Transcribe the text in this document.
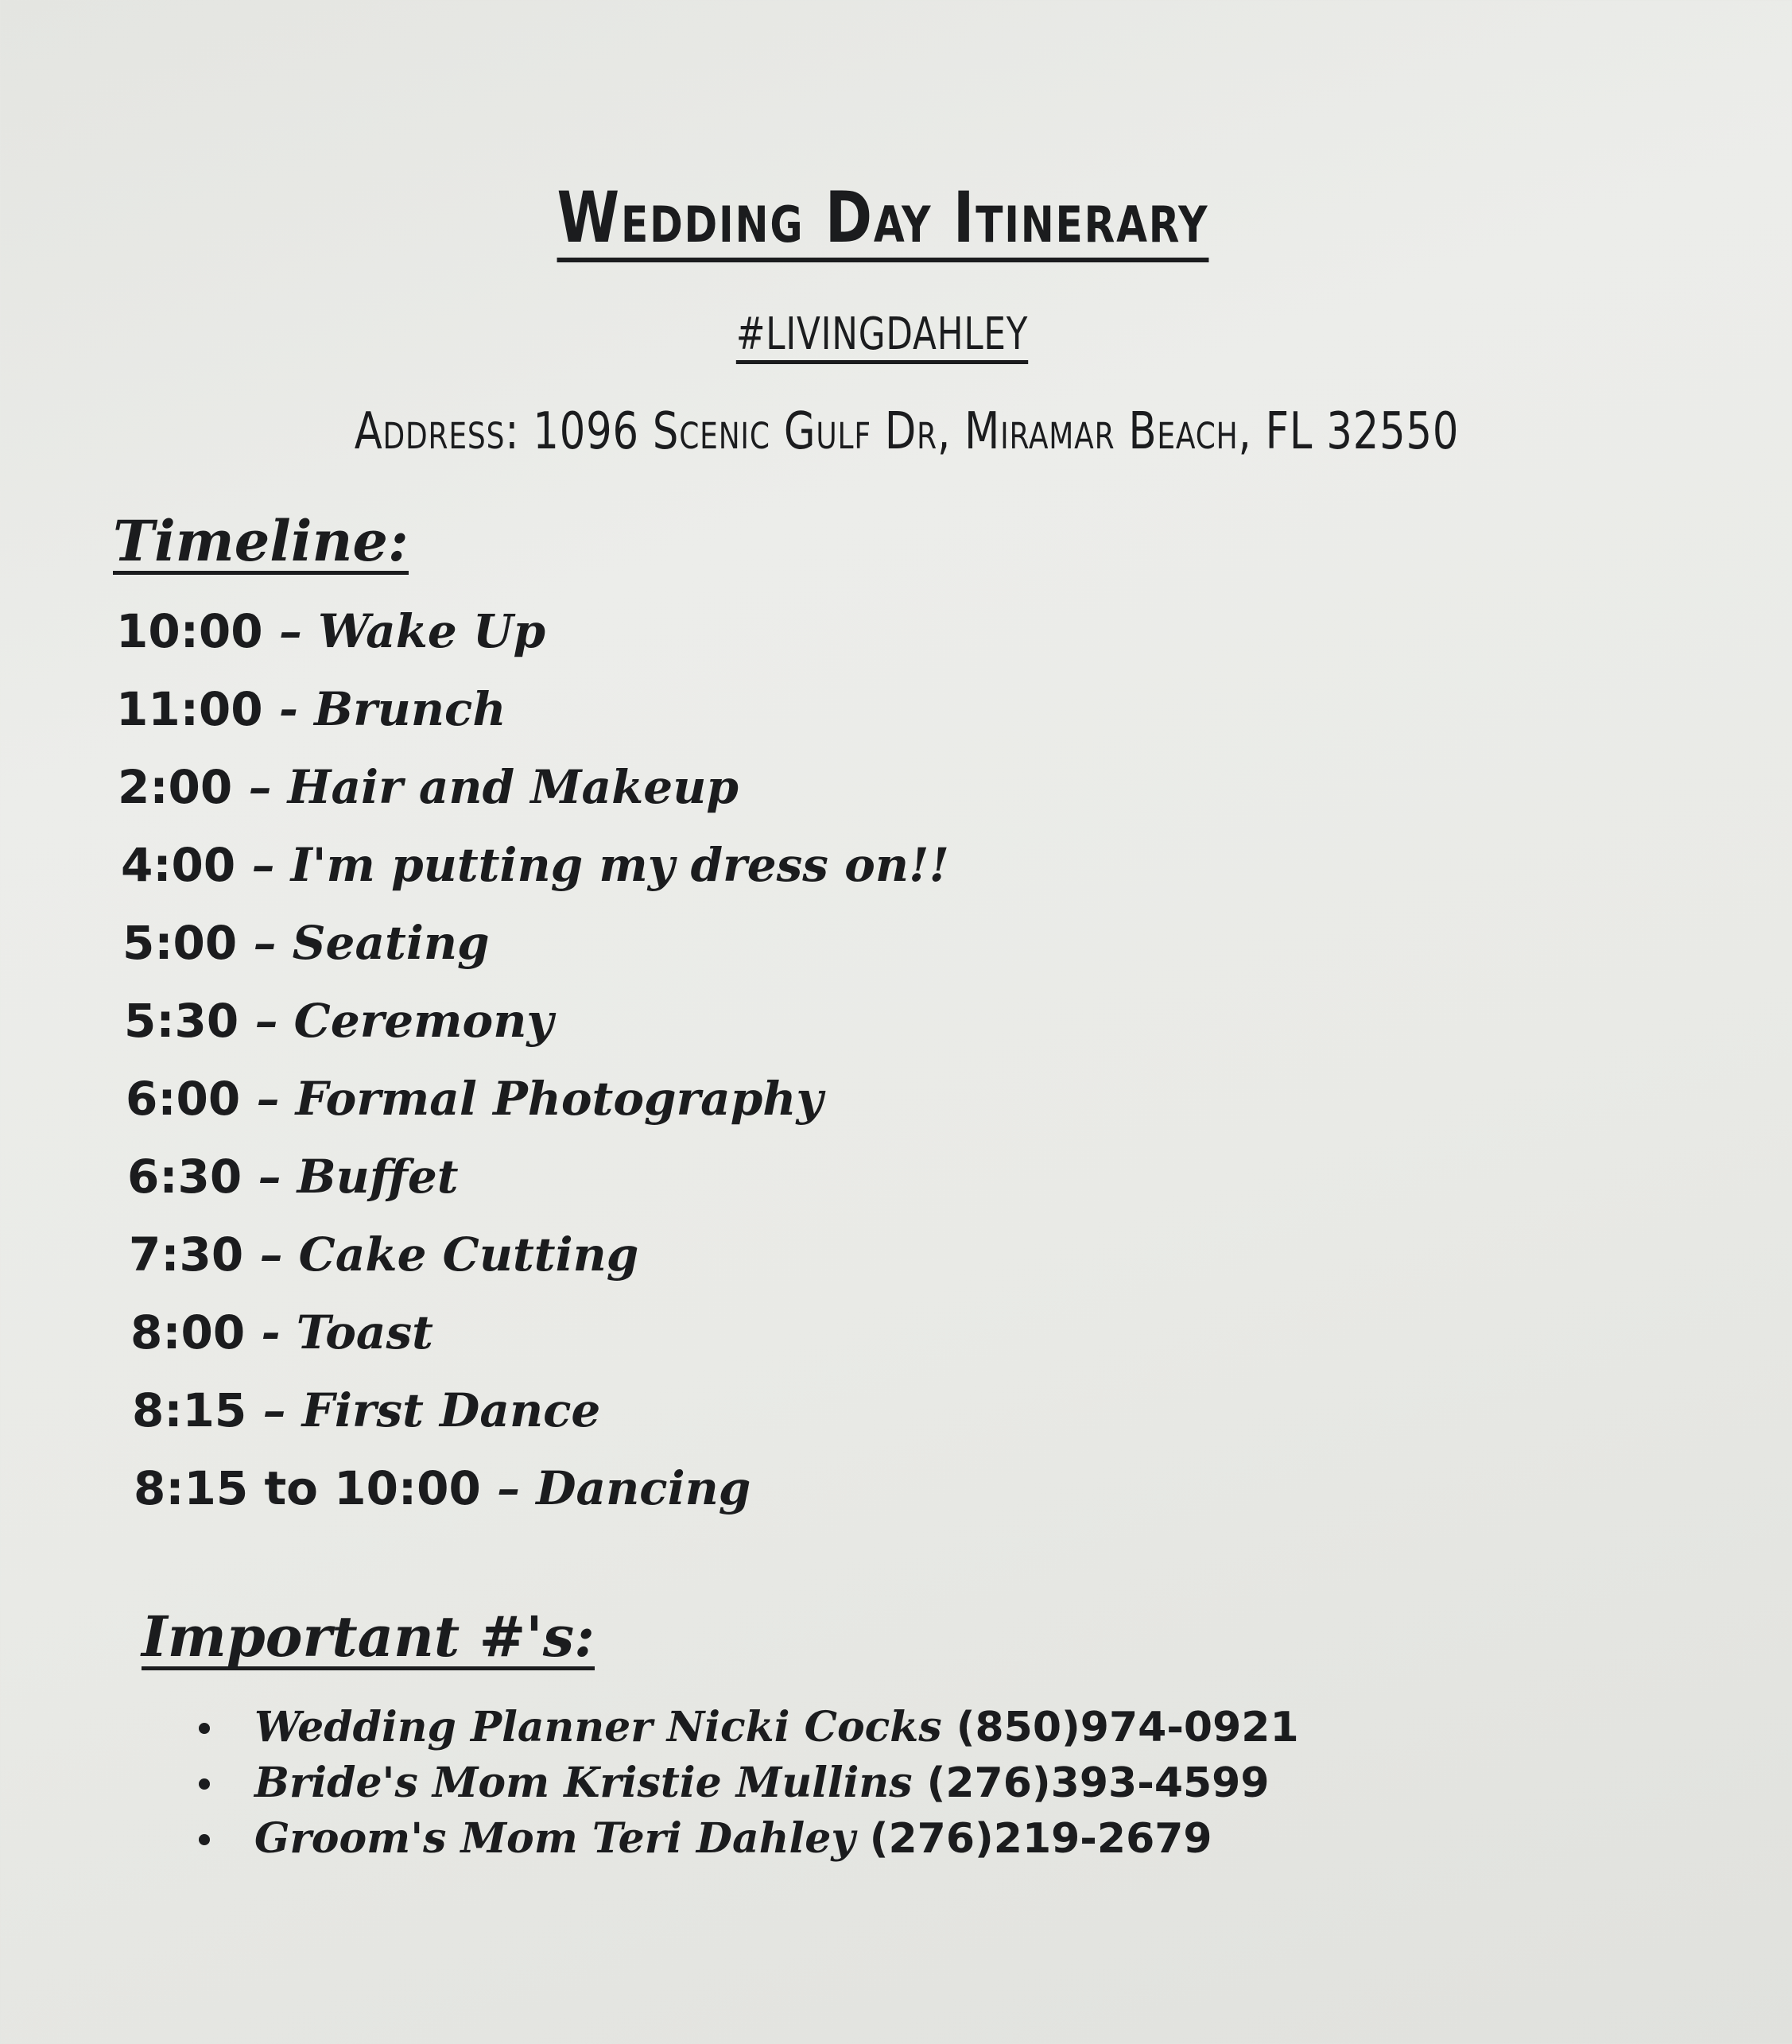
Wedding Day Itinerary
#LIVINGDAHLEY
Address: 1096 Scenic Gulf Dr, Miramar Beach, FL 32550
Timeline:
10:00 – Wake Up
11:00 - Brunch
2:00 – Hair and Makeup
4:00 – I'm putting my dress on!!
5:00 – Seating
5:30 – Ceremony
6:00 – Formal Photography
6:30 – Buffet
7:30 – Cake Cutting
8:00 - Toast
8:15 – First Dance
8:15 to 10:00 – Dancing
Important #'s:
Wedding Planner Nicki Cocks (850)974-0921
Bride's Mom Kristie Mullins (276)393-4599
Groom's Mom Teri Dahley (276)219-2679
